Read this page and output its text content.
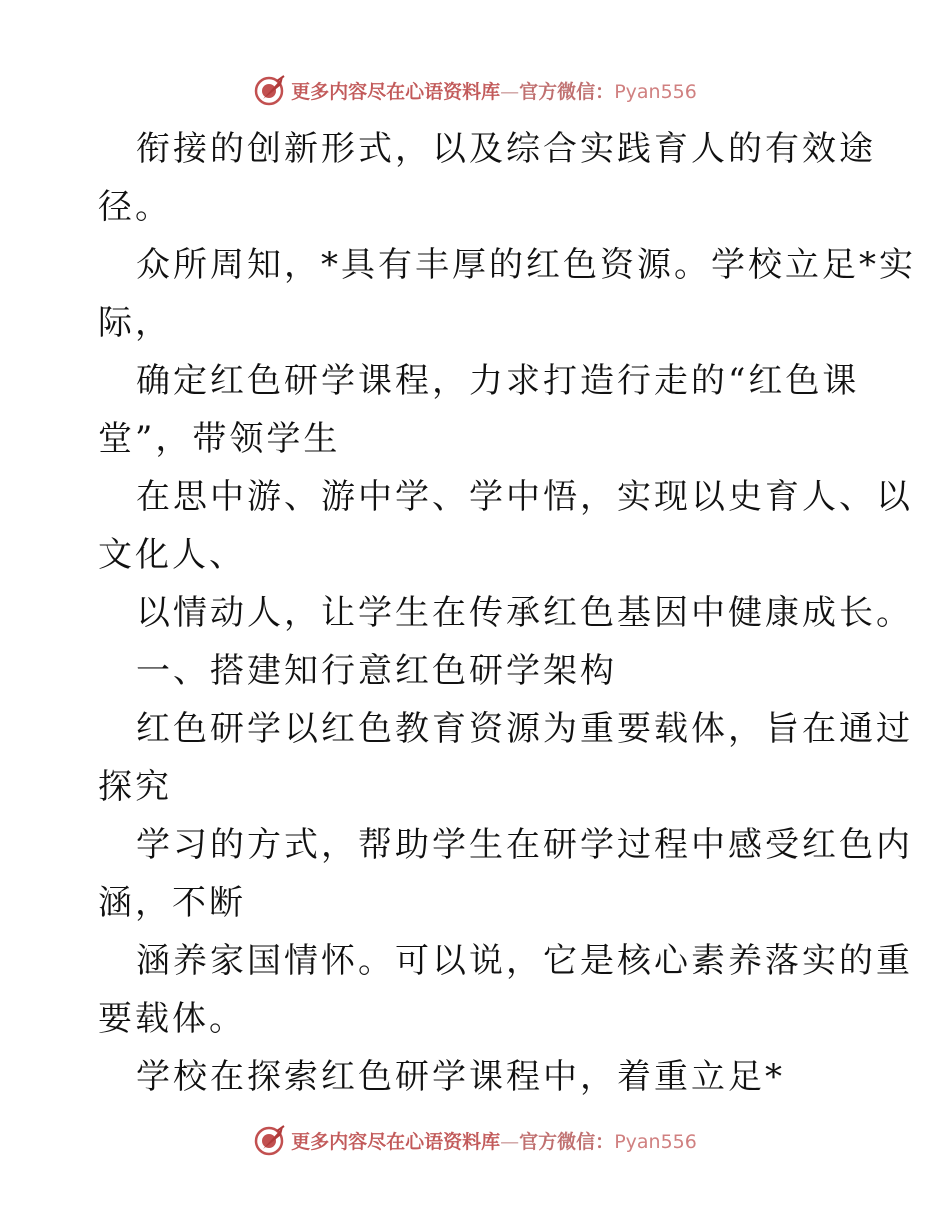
更多内容尽在心语资料库—官方微信：Pyan556
衔接的创新形式，以及综合实践育人的有效途
径。
众所周知，*具有丰厚的红色资源。学校立足*实
际，
确定红色研学课程，力求打造行走的“红色课
堂”，带领学生
在思中游、游中学、学中悟，实现以史育人、以
文化人、
以情动人，让学生在传承红色基因中健康成长。
一、搭建知行意红色研学架构
红色研学以红色教育资源为重要载体，旨在通过
探究
学习的方式，帮助学生在研学过程中感受红色内
涵，不断
涵养家国情怀。可以说，它是核心素养落实的重
要载体。
学校在探索红色研学课程中，着重立足*
更多内容尽在心语资料库—官方微信：Pyan556
